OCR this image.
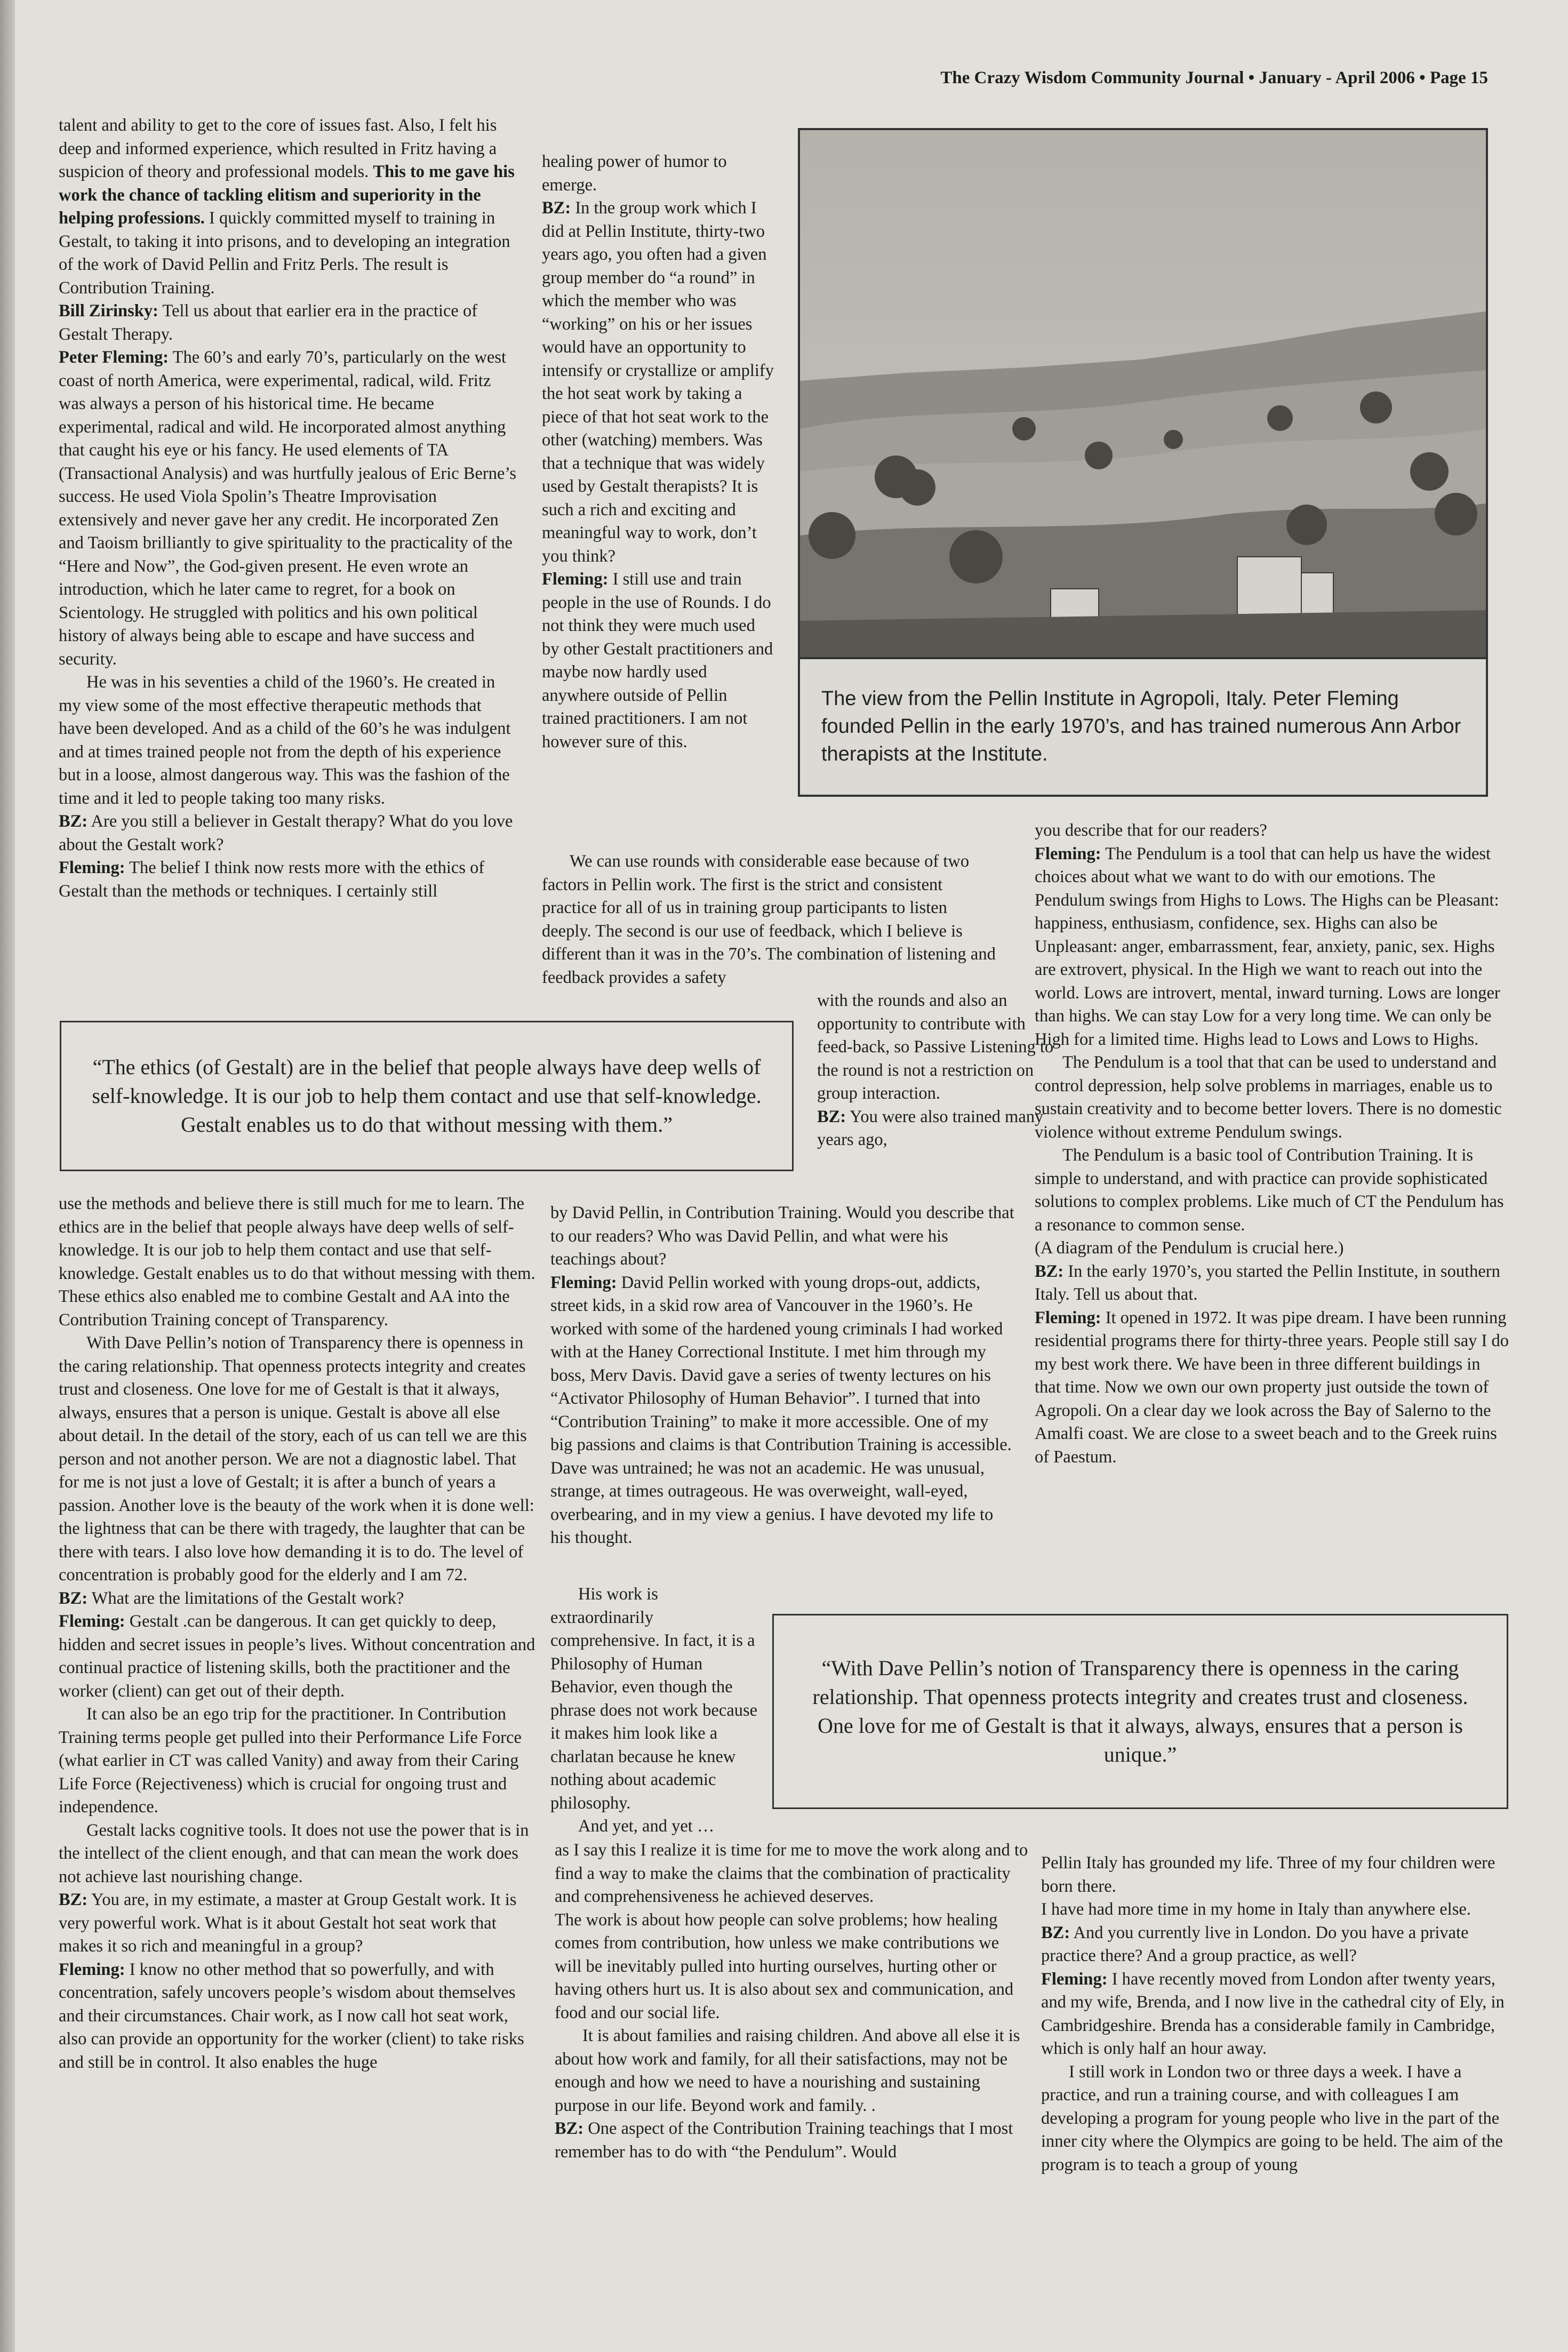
The Crazy Wisdom Community Journal • January - April 2006 • Page 15

talent and ability to get to the core of issues fast. Also, I felt his deep and informed experience, which resulted in Fritz having a suspicion of theory and professional models. This to me gave his work the chance of tackling elitism and superiority in the helping professions. I quickly committed myself to training in Gestalt, to taking it into prisons, and to developing an integration of the work of David Pellin and Fritz Perls. The result is Contribution Training.

Bill Zirinsky: Tell us about that earlier era in the practice of Gestalt Therapy.

Peter Fleming: The 60’s and early 70’s, particularly on the west coast of north America, were experimental, radical, wild. Fritz was always a person of his historical time. He became experimental, radical and wild. He incorporated almost anything that caught his eye or his fancy. He used elements of TA (Transactional Analysis) and was hurtfully jealous of Eric Berne’s success. He used Viola Spolin’s Theatre Improvisation extensively and never gave her any credit. He incorporated Zen and Taoism brilliantly to give spirituality to the practicality of the “Here and Now”, the God-given present. He even wrote an introduction, which he later came to regret, for a book on Scientology. He struggled with politics and his own political history of always being able to escape and have success and security.

He was in his seventies a child of the 1960’s. He created in my view some of the most effective therapeutic methods that have been developed. And as a child of the 60’s he was indulgent and at times trained people not from the depth of his experience but in a loose, almost dangerous way. This was the fashion of the time and it led to people taking too many risks.

BZ: Are you still a believer in Gestalt therapy? What do you love about the Gestalt work?

Fleming: The belief I think now rests more with the ethics of Gestalt than the methods or techniques. I certainly still

healing power of humor to emerge.

BZ: In the group work which I did at Pellin Institute, thirty-two years ago, you often had a given group member do “a round” in which the member who was “working” on his or her issues would have an opportunity to intensify or crystallize or amplify the hot seat work by taking a piece of that hot seat work to the other (watching) members. Was that a technique that was widely used by Gestalt therapists? It is such a rich and exciting and meaningful way to work, don’t you think?

Fleming: I still use and train people in the use of Rounds. I do not think they were much used by other Gestalt practitioners and maybe now hardly used anywhere outside of Pellin trained practitioners. I am not however sure of this.

The view from the Pellin Institute in Agropoli, Italy. Peter Fleming founded Pellin in the early 1970’s, and has trained numerous Ann Arbor therapists at the Institute.

We can use rounds with considerable ease because of two factors in Pellin work. The first is the strict and consistent practice for all of us in training group participants to listen deeply. The second is our use of feedback, which I believe is different than it was in the 70’s. The combination of listening and feedback provides a safety

with the rounds and also an opportunity to contribute with feed-back, so Passive Listening to the round is not a restriction on group interaction.

BZ: You were also trained many years ago,

“The ethics (of Gestalt) are in the belief that people always have deep wells of self-knowledge. It is our job to help them contact and use that self-knowledge. Gestalt enables us to do that without messing with them.”

use the methods and believe there is still much for me to learn. The ethics are in the belief that people always have deep wells of self-knowledge. It is our job to help them contact and use that self-knowledge. Gestalt enables us to do that without messing with them. These ethics also enabled me to combine Gestalt and AA into the Contribution Training concept of Transparency.

With Dave Pellin’s notion of Transparency there is openness in the caring relationship. That openness protects integrity and creates trust and closeness. One love for me of Gestalt is that it always, always, ensures that a person is unique. Gestalt is above all else about detail. In the detail of the story, each of us can tell we are this person and not another person. We are not a diagnostic label. That for me is not just a love of Gestalt; it is after a bunch of years a passion. Another love is the beauty of the work when it is done well: the lightness that can be there with tragedy, the laughter that can be there with tears. I also love how demanding it is to do. The level of concentration is probably good for the elderly and I am 72.

BZ: What are the limitations of the Gestalt work?

Fleming: Gestalt .can be dangerous. It can get quickly to deep, hidden and secret issues in people’s lives. Without concentration and continual practice of listening skills, both the practitioner and the worker (client) can get out of their depth.

It can also be an ego trip for the practitioner. In Contribution Training terms people get pulled into their Performance Life Force (what earlier in CT was called Vanity) and away from their Caring Life Force (Rejectiveness) which is crucial for ongoing trust and independence.

Gestalt lacks cognitive tools. It does not use the power that is in the intellect of the client enough, and that can mean the work does not achieve last nourishing change.

BZ: You are, in my estimate, a master at Group Gestalt work. It is very powerful work. What is it about Gestalt hot seat work that makes it so rich and meaningful in a group?

Fleming: I know no other method that so powerfully, and with concentration, safely uncovers people’s wisdom about themselves and their circumstances. Chair work, as I now call hot seat work,

also can provide an opportunity for the worker (client) to take risks and still be in control. It also enables the huge

by David Pellin, in Contribution Training. Would you describe that to our readers? Who was David Pellin, and what were his teachings about?

Fleming: David Pellin worked with young drops-out, addicts, street kids, in a skid row area of Vancouver in the 1960’s. He worked with some of the hardened young criminals I had worked with at the Haney Correctional Institute. I met him through my boss, Merv Davis. David gave a series of twenty lectures on his “Activator Philosophy of Human Behavior”. I turned that into “Contribution Training” to make it more accessible. One of my big passions and claims is that Contribution Training is accessible. Dave was untrained; he was not an academic. He was unusual, strange, at times outrageous. He was overweight, wall-eyed, overbearing, and in my view a genius. I have devoted my life to his thought.

His work is extraordinarily comprehensive. In fact, it is a Philosophy of Human Behavior, even though the phrase does not work because it makes him look like a charlatan because he knew nothing about academic philosophy.

And yet, and yet …

“With Dave Pellin’s notion of Transparency there is openness in the caring relationship. That openness protects integrity and creates trust and closeness. One love for me of Gestalt is that it always, always, ensures that a person is unique.”

as I say this I realize it is time for me to move the work along and to find a way to make the claims that the combination of practicality and comprehensiveness he achieved deserves.

The work is about how people can solve problems; how healing comes from contribution, how unless we make contributions we will be inevitably pulled into hurting ourselves, hurting other or having others hurt us. It is also about sex and communication, and food and our social life.

It is about families and raising children. And above all else it is about how work and family, for all their satisfactions, may not be enough and how we need to have a nourishing and sustaining purpose in our life. Beyond work and family. .

BZ: One aspect of the Contribution Training teachings that I most remember has to do with “the Pendulum”. Would

you describe that for our readers?

Fleming: The Pendulum is a tool that can help us have the widest choices about what we want to do with our emotions. The Pendulum swings from Highs to Lows. The Highs can be Pleasant: happiness, enthusiasm, confidence, sex. Highs can also be Unpleasant: anger, embarrassment, fear, anxiety, panic, sex. Highs are extrovert, physical. In the High we want to reach out into the world. Lows are introvert, mental, inward turning. Lows are longer than highs. We can stay Low for a very long time. We can only be High for a limited time. Highs lead to Lows and Lows to Highs.

The Pendulum is a tool that that can be used to understand and control depression, help solve problems in marriages, enable us to sustain creativity and to become better lovers. There is no domestic violence without extreme Pendulum swings.

The Pendulum is a basic tool of Contribution Training. It is simple to understand, and with practice can provide sophisticated solutions to complex problems. Like much of CT the Pendulum has a resonance to common sense.

(A diagram of the Pendulum is crucial here.)

BZ: In the early 1970’s, you started the Pellin Institute, in southern Italy. Tell us about that.

Fleming: It opened in 1972. It was pipe dream. I have been running residential programs there for thirty-three years. People still say I do my best work there. We have been in three different buildings in that time. Now we own our own property just outside the town of Agropoli. On a clear day we look across the Bay of Salerno to the Amalfi coast. We are close to a sweet beach and to the Greek ruins of Paestum.

Pellin Italy has grounded my life. Three of my four children were born there.

I have had more time in my home in Italy than anywhere else.

BZ: And you currently live in London. Do you have a private practice there? And a group practice, as well?

Fleming: I have recently moved from London after twenty years, and my wife, Brenda, and I now live in the cathedral city of Ely, in Cambridgeshire. Brenda has a considerable family in Cambridge, which is only half an hour away.

I still work in London two or three days a week. I have a practice, and run a training course, and with colleagues I am developing a program for young people who live in the part of the inner city where the Olympics are going to be held. The aim of the program is to teach a group of young
